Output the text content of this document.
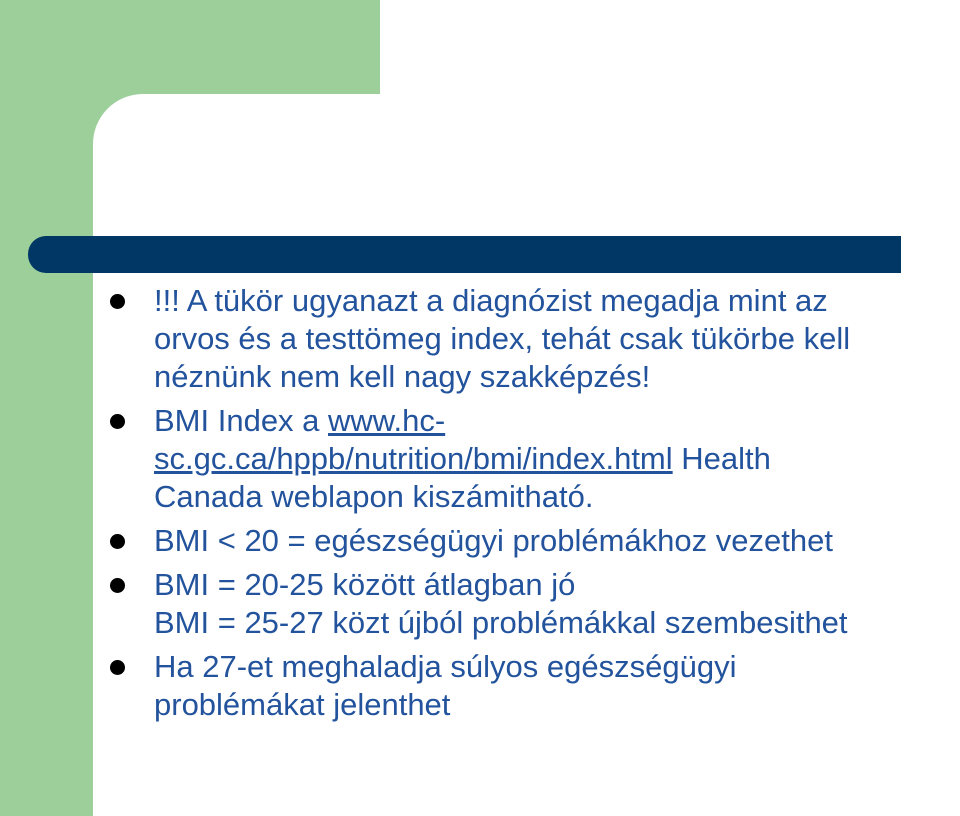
!!! A tükör ugyanazt a diagnózist megadja mint az
orvos és a testtömeg index, tehát csak tükörbe kell
néznünk nem kell nagy szakképzés!
BMI Index a www.hc-
sc.gc.ca/hppb/nutrition/bmi/index.html Health
Canada weblapon kiszámitható.
BMI < 20 = egészségügyi problémákhoz vezethet
BMI = 20-25 között átlagban jó
BMI = 25-27 közt újból problémákkal szembesithet
Ha 27-et meghaladja súlyos egészségügyi
problémákat jelenthet
